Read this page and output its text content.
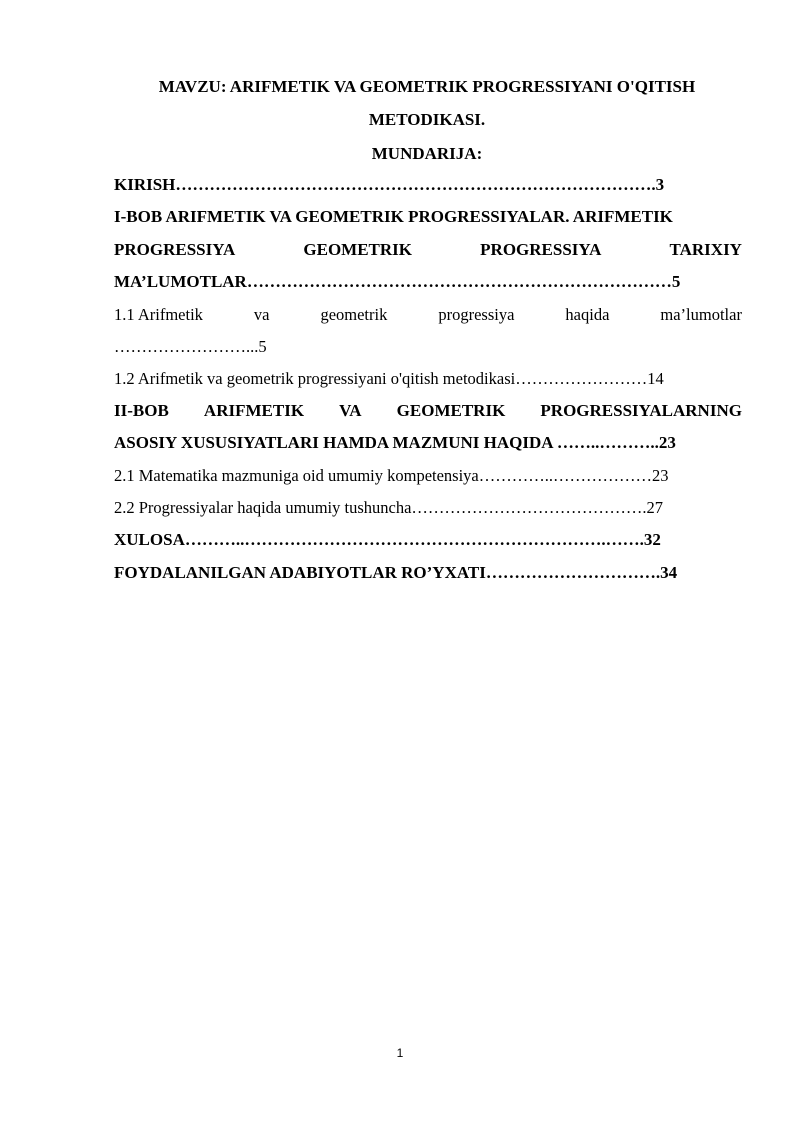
MAVZU: ARIFMETIK VA GEOMETRIK PROGRESSIYANI O'QITISH
METODIKASI.
MUNDARIJA:
KIRISH………………………………………………………………………….3
I-BOB ARIFMETIK VA GEOMETRIK PROGRESSIYALAR. ARIFMETIK
PROGRESSIYA	GEOMETRIK	PROGRESSIYA	TARIXIY
MA’LUMOTLAR…………………………………………………………………5
1.1 Arifmetik	va	geometrik	progressiya	haqida	ma’lumotlar
……………………...5
1.2 Arifmetik va geometrik progressiyani o'qitish metodikasi……………………14
II-BOB ARIFMETIK VA GEOMETRIK PROGRESSIYALARNING
ASOSIY XUSUSIYATLARI HAMDA MAZMUNI HAQIDA ……..………..23
2.1 Matematika mazmuniga oid umumiy kompetensiya…………..………………23
2.2 Progressiyalar haqida umumiy tushuncha…………………………………….27
XULOSA………..……………………………………………………….…….32
FOYDALANILGAN ADABIYOTLAR RO’YXATI………………………….34
1
